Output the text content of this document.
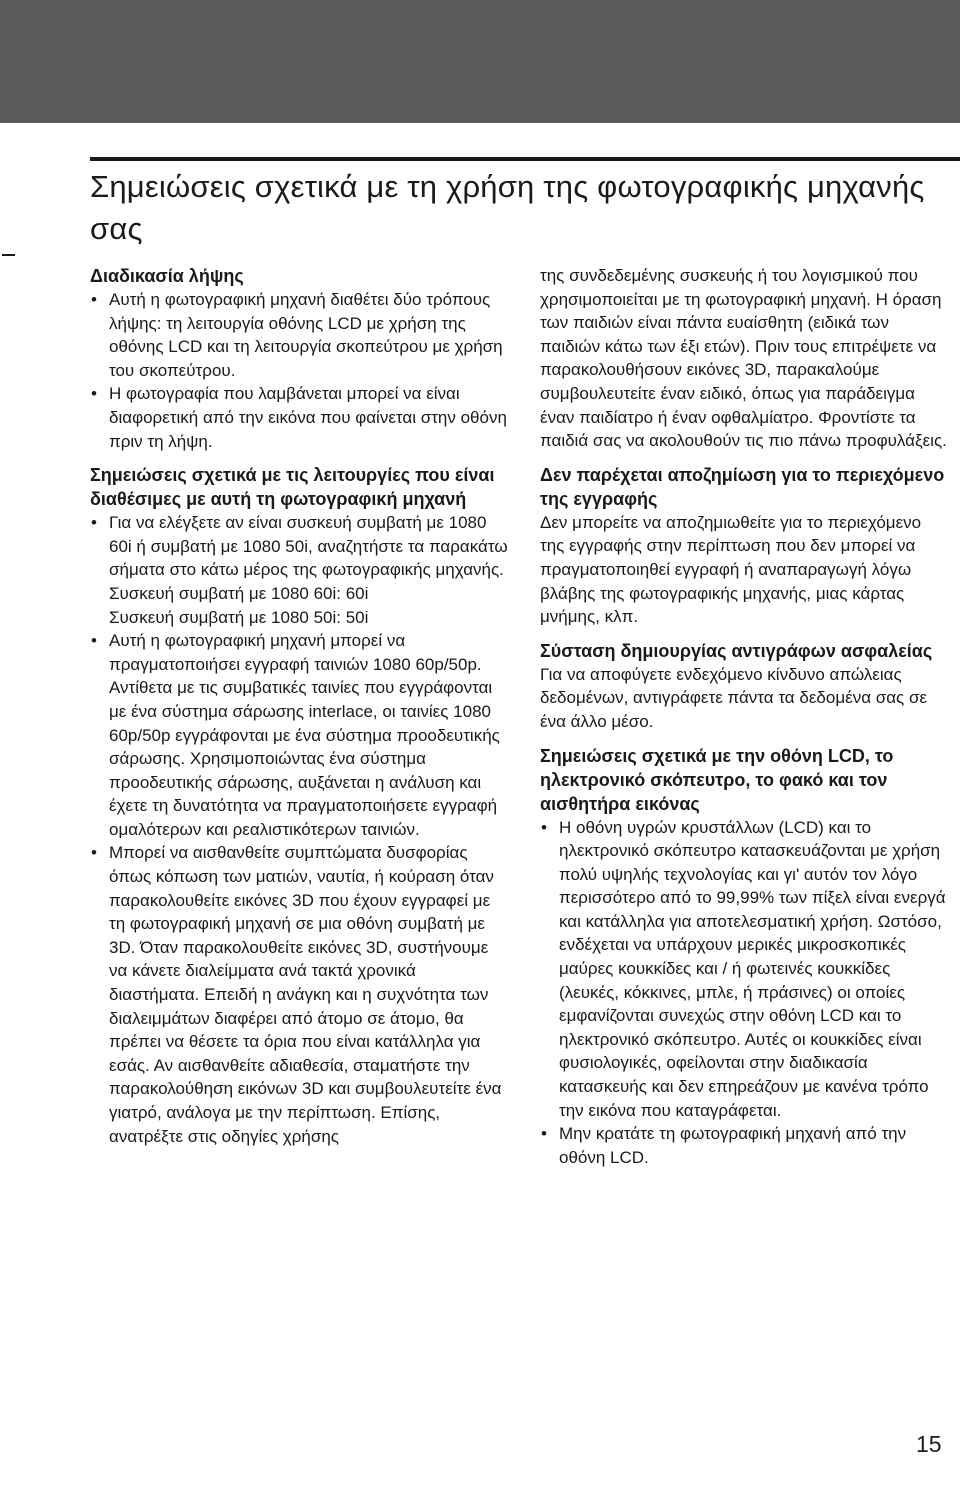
Σημειώσεις σχετικά με τη χρήση της φωτογραφικής μηχανής σας
Διαδικασία λήψης
• Αυτή η φωτογραφική μηχανή διαθέτει δύο τρόπους λήψης: τη λειτουργία οθόνης LCD με χρήση της οθόνης LCD και τη λειτουργία σκοπεύτρου με χρήση του σκοπεύτρου.
• Η φωτογραφία που λαμβάνεται μπορεί να είναι διαφορετική από την εικόνα που φαίνεται στην οθόνη πριν τη λήψη.
Σημειώσεις σχετικά με τις λειτουργίες που είναι διαθέσιμες με αυτή τη φωτογραφική μηχανή
• Για να ελέγξετε αν είναι συσκευή συμβατή με 1080 60i ή συμβατή με 1080 50i, αναζητήστε τα παρακάτω σήματα στο κάτω μέρος της φωτογραφικής μηχανής.

Συσκευή συμβατή με 1080 60i: 60i

Συσκευή συμβατή με 1080 50i: 50i

• Αυτή η φωτογραφική μηχανή μπορεί να πραγματοποιήσει εγγραφή ταινιών 1080 60p/50p. Αντίθετα με τις συμβατικές ταινίες που εγγράφονται με ένα σύστημα σάρωσης interlace, οι ταινίες 1080 60p/50p εγγράφονται με ένα σύστημα προοδευτικής σάρωσης. Χρησιμοποιώντας ένα σύστημα προοδευτικής σάρωσης, αυξάνεται η ανάλυση και έχετε τη δυνατότητα να πραγματοποιήσετε εγγραφή ομαλότερων και ρεαλιστικότερων ταινιών.
• Μπορεί να αισθανθείτε συμπτώματα δυσφορίας όπως κόπωση των ματιών, ναυτία, ή κούραση όταν παρακολουθείτε εικόνες 3D που έχουν εγγραφεί με τη φωτογραφική μηχανή σε μια οθόνη συμβατή με 3D. Όταν παρακολουθείτε εικόνες 3D, συστήνουμε να κάνετε διαλείμματα ανά τακτά χρονικά διαστήματα. Επειδή η ανάγκη και η συχνότητα των διαλειμμάτων διαφέρει από άτομο σε άτομο, θα πρέπει να θέσετε τα όρια που είναι κατάλληλα για εσάς. Αν αισθανθείτε αδιαθεσία, σταματήστε την παρακολούθηση εικόνων 3D και συμβουλευτείτε ένα γιατρό, ανάλογα με την περίπτωση. Επίσης, ανατρέξτε στις οδηγίες χρήσης

της συνδεδεμένης συσκευής ή του λογισμικού που χρησιμοποιείται με τη φωτογραφική μηχανή. Η όραση των παιδιών είναι πάντα ευαίσθητη (ειδικά των παιδιών κάτω των έξι ετών). Πριν τους επιτρέψετε να παρακολουθήσουν εικόνες 3D, παρακαλούμε συμβουλευτείτε έναν ειδικό, όπως για παράδειγμα έναν παιδίατρο ή έναν οφθαλμίατρο. Φροντίστε τα παιδιά σας να ακολουθούν τις πιο πάνω προφυλάξεις.

Δεν παρέχεται αποζημίωση για το περιεχόμενο της εγγραφής

Δεν μπορείτε να αποζημιωθείτε για το περιεχόμενο της εγγραφής στην περίπτωση που δεν μπορεί να πραγματοποιηθεί εγγραφή ή αναπαραγωγή λόγω βλάβης της φωτογραφικής μηχανής, μιας κάρτας μνήμης, κλπ.

Σύσταση δημιουργίας αντιγράφων ασφαλείας

Για να αποφύγετε ενδεχόμενο κίνδυνο απώλειας δεδομένων, αντιγράφετε πάντα τα δεδομένα σας σε ένα άλλο μέσο.

Σημειώσεις σχετικά με την οθόνη LCD, το ηλεκτρονικό σκόπευτρο, το φακό και τον αισθητήρα εικόνας
• Η οθόνη υγρών κρυστάλλων (LCD) και το ηλεκτρονικό σκόπευτρο κατασκευάζονται με χρήση πολύ υψηλής τεχνολογίας και γι' αυτόν τον λόγο περισσότερο από το 99,99% των πίξελ είναι ενεργά και κατάλληλα για αποτελεσματική χρήση. Ωστόσο, ενδέχεται να υπάρχουν μερικές μικροσκοπικές μαύρες κουκκίδες και / ή φωτεινές κουκκίδες (λευκές, κόκκινες, μπλε, ή πράσινες) οι οποίες εμφανίζονται συνεχώς στην οθόνη LCD και το ηλεκτρονικό σκόπευτρο. Αυτές οι κουκκίδες είναι φυσιολογικές, οφείλονται στην διαδικασία κατασκευής και δεν επηρεάζουν με κανένα τρόπο την εικόνα που καταγράφεται.
• Μην κρατάτε τη φωτογραφική μηχανή από την οθόνη LCD.
15
